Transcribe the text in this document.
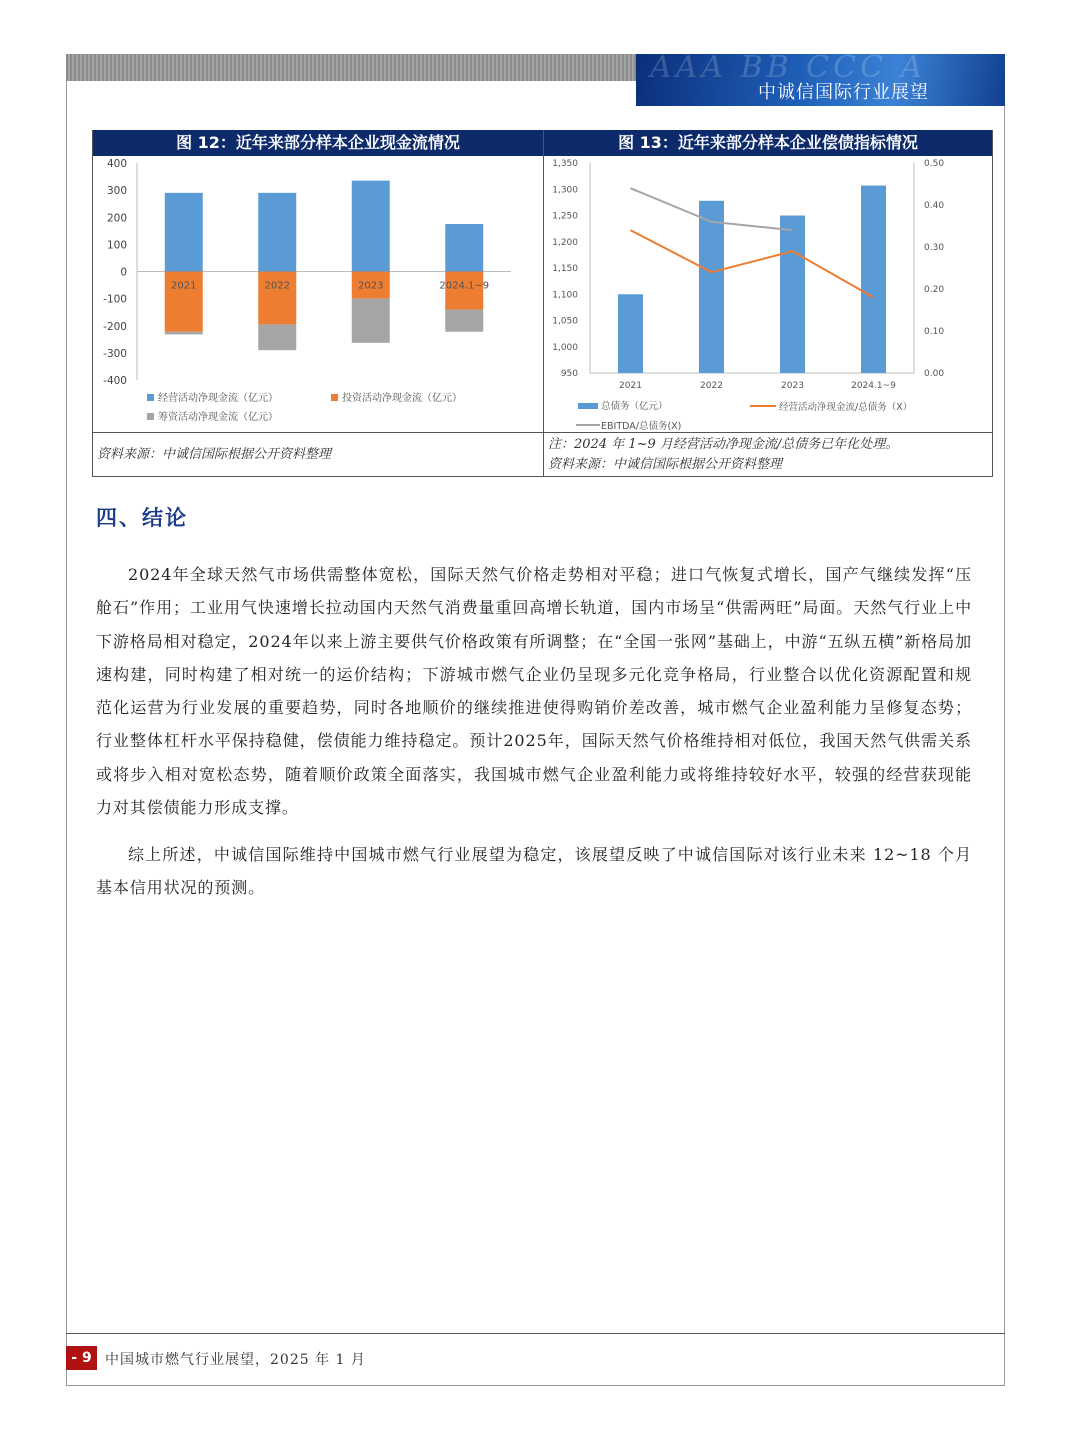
AAA BB CCC A
中诚信国际行业展望
图 12：近年来部分样本企业现金流情况	图 13：近年来部分样本企业偿债指标情况
400
300
200
100
0
-100
-200
-300
-400
2021	2022	2023	2024.1~9
经营活动净现金流（亿元）	投资活动净现金流（亿元）
筹资活动净现金流（亿元）
1,350
1,300
1,250
1,200
1,150
1,100
1,050
1,000
950
0.50
0.40
0.30
0.20
0.10
0.00
2021	2022	2023	2024.1~9
总债务（亿元）	经营活动净现金流/总债务（X）
EBITDA/总债务(X)
资料来源：中诚信国际根据公开资料整理
注：2024 年 1~9 月经营活动净现金流/总债务已年化处理。
资料来源：中诚信国际根据公开资料整理
四、结论
2024年全球天然气市场供需整体宽松，国际天然气价格走势相对平稳；进口气恢复式增长，国产气继续发挥“压舱石”作用；工业用气快速增长拉动国内天然气消费量重回高增长轨道，国内市场呈“供需两旺”局面。天然气行业上中下游格局相对稳定，2024年以来上游主要供气价格政策有所调整；在“全国一张网”基础上，中游“五纵五横”新格局加速构建，同时构建了相对统一的运价结构；下游城市燃气企业仍呈现多元化竞争格局，行业整合以优化资源配置和规范化运营为行业发展的重要趋势，同时各地顺价的继续推进使得购销价差改善，城市燃气企业盈利能力呈修复态势；行业整体杠杆水平保持稳健，偿债能力维持稳定。预计2025年，国际天然气价格维持相对低位，我国天然气供需关系或将步入相对宽松态势，随着顺价政策全面落实，我国城市燃气企业盈利能力或将维持较好水平，较强的经营获现能力对其偿债能力形成支撑。
综上所述，中诚信国际维持中国城市燃气行业展望为稳定，该展望反映了中诚信国际对该行业未来 12~18 个月基本信用状况的预测。
- 9 -
中国城市燃气行业展望，2025 年 1 月
